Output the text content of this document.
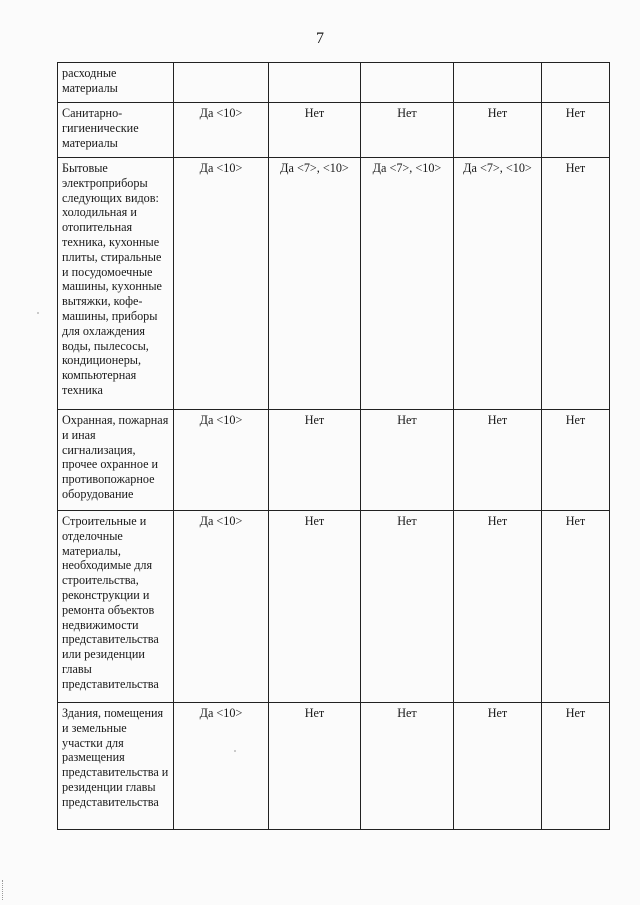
7
расходные материалы					
Санитарно-гигиенические материалы	Да <10>	Нет	Нет	Нет	Нет
Бытовые электроприборы следующих видов: холодильная и отопительная техника, кухонные плиты, стиральные и посудомоечные машины, кухонные вытяжки, кофе-машины, приборы для охлаждения воды, пылесосы, кондиционеры, компьютерная техника	Да <10>	Да <7>, <10>	Да <7>, <10>	Да <7>, <10>	Нет
Охранная, пожарная и иная сигнализация, прочее охранное и противопожарное оборудование	Да <10>	Нет	Нет	Нет	Нет
Строительные и отделочные материалы, необходимые для строительства, реконструкции и ремонта объектов недвижимости представительства или резиденции главы представительства	Да <10>	Нет	Нет	Нет	Нет
Здания, помещения и земельные участки для размещения представительства и резиденции главы представительства	Да <10>	Нет	Нет	Нет	Нет
